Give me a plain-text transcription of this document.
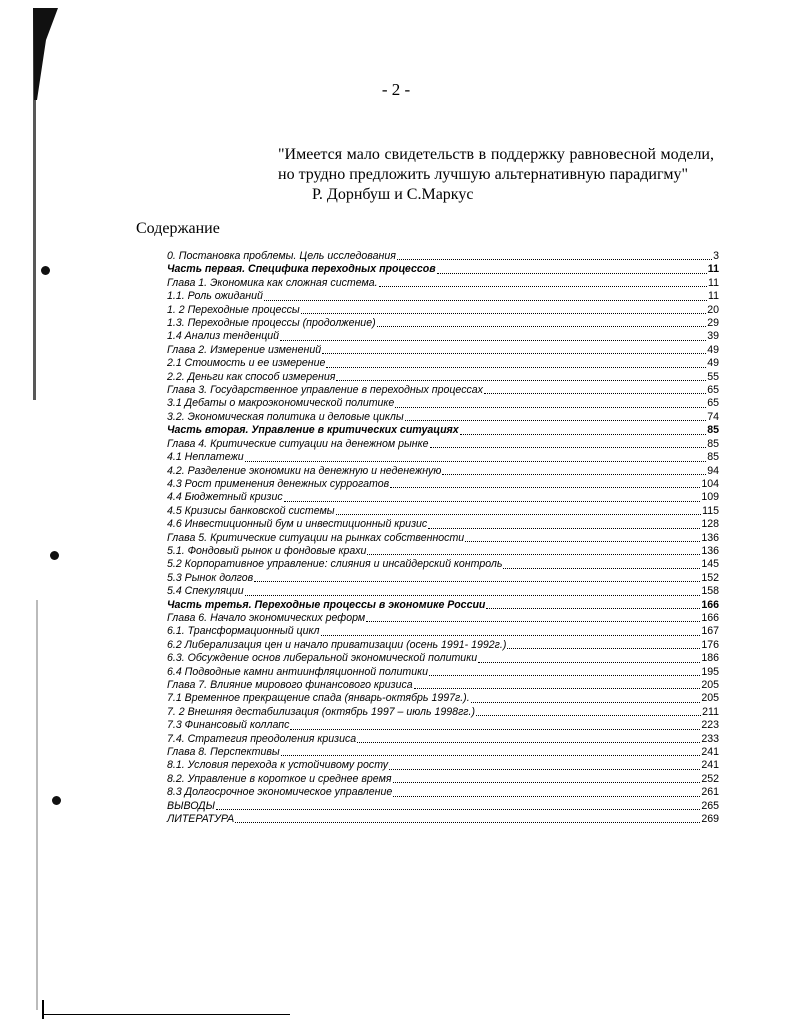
- 2 -
"Имеется мало свидетельств в поддержку равновесной модели, но трудно предложить лучшую альтернативную парадигму"
Р. Дорнбуш и С.Маркус
Содержание
0. Постановка проблемы. Цель исследования	3
Часть первая. Специфика переходных процессов	11
Глава 1. Экономика как сложная система.	11
1.1. Роль ожиданий	11
1. 2 Переходные процессы	20
1.3. Переходные процессы (продолжение)	29
1.4 Анализ тенденций	39
Глава 2. Измерение изменений	49
2.1 Стоимость и ее измерение	49
2.2. Деньги как способ измерения	55
Глава 3. Государственное управление в переходных процессах	65
3.1 Дебаты о макроэкономической политике	65
3.2. Экономическая политика и деловые циклы	74
Часть вторая. Управление в критических ситуациях	85
Глава 4. Критические ситуации на денежном рынке	85
4.1 Неплатежи	85
4.2. Разделение экономики на денежную и неденежную	94
4.3 Рост применения денежных суррогатов	104
4.4 Бюджетный кризис	109
4.5 Кризисы банковской системы	115
4.6 Инвестиционный бум и инвестиционный кризис	128
Глава 5. Критические ситуации на рынках собственности	136
5.1. Фондовый рынок и фондовые крахи	136
5.2 Корпоративное управление: слияния и инсайдерский контроль	145
5.3 Рынок долгов	152
5.4 Спекуляции	158
Часть третья. Переходные процессы в экономике России	166
Глава 6. Начало экономических реформ	166
6.1. Трансформационный цикл	167
6.2 Либерализация цен и начало приватизации (осень 1991- 1992г.)	176
6.3. Обсуждение основ либеральной экономической политики	186
6.4 Подводные камни антиинфляционной политики	195
Глава 7. Влияние мирового финансового кризиса	205
7.1 Временное прекращение спада (январь-октябрь 1997г.).	205
7. 2 Внешняя дестабилизация (октябрь 1997 – июль 1998гг.)	211
7.3 Финансовый коллапс	223
7.4. Стратегия преодоления кризиса	233
Глава 8. Перспективы	241
8.1. Условия перехода к устойчивому росту	241
8.2. Управление в короткое и среднее время	252
8.3 Долгосрочное экономическое управление	261
ВЫВОДЫ	265
ЛИТЕРАТУРА	269
